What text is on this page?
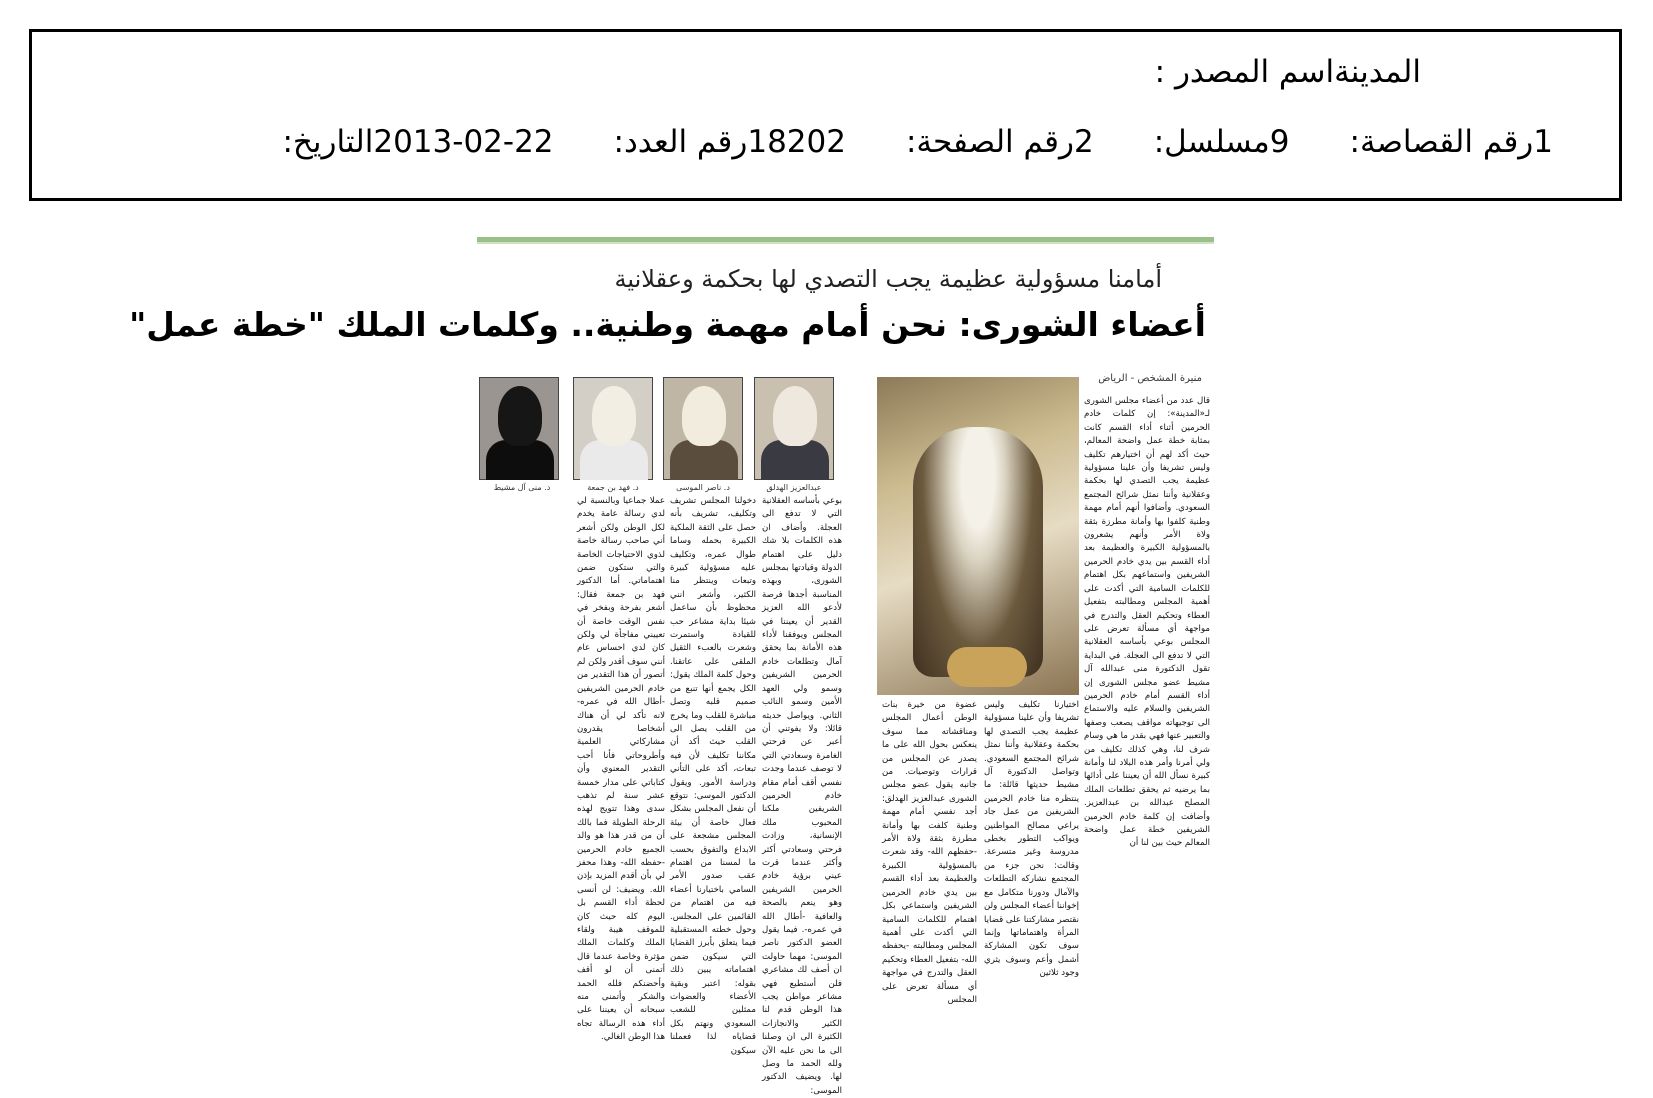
اسم المصدر : المدينة
التاريخ: 2013-02-22 رقم العدد: 18202 رقم الصفحة: 2 مسلسل: 9 رقم القصاصة: 1
أمامنا مسؤولية عظيمة يجب التصدي لها بحكمة وعقلانية
أعضاء الشورى: نحن أمام مهمة وطنية.. وكلمات الملك "خطة عمل"
منيرة المشخص - الرياض
عبدالعزيز الهدلق
د. ناصر الموسى
د. فهد بن جمعة
د. منى آل مشيط
قال عدد من أعضاء مجلس الشورى لـ«المدينة»: إن كلمات خادم الحرمين أثناء أداء القسم كانت بمثابة خطة عمل واضحة المعالم، حيث أكد لهم أن اختيارهم تكليف وليس تشريفا وأن علينا مسؤولية عظيمة يجب التصدي لها بحكمة وعقلانية وأننا نمثل شرائح المجتمع السعودي. وأضافوا أنهم أمام مهمة وطنية كلفوا بها وأمانة مطرزة بثقة ولاة الأمر وأنهم يشعرون بالمسؤولية الكبيرة والعظيمة بعد أداء القسم بين يدي خادم الحرمين الشريفين واستماعهم بكل اهتمام للكلمات السامية التي أكدت على أهمية المجلس ومطالبته بتفعيل العطاء وتحكيم العقل والتدرج في مواجهة أي مسألة تعرض على المجلس بوعي بأساسه العقلانية التي لا تدفع الى العجلة. في البداية تقول الدكتورة منى عبدالله آل مشيط عضو مجلس الشورى إن أداء القسم أمام خادم الحرمين الشريفين والسلام عليه والاستماع الى توجيهاته مواقف يصعب وصفها والتعبير عنها فهي بقدر ما هي وسام شرف لنا، وهي كذلك تكليف من ولي أمرنا وأمر هذه البلاد لنا وأمانة كبيرة نسأل الله أن يعيننا على أدائها بما يرضيه ثم يحقق تطلعات الملك المصلح عبدالله بن عبدالعزيز. وأضافت إن كلمة خادم الحرمين الشريفين خطة عمل واضحة المعالم حيث بين لنا أن
اختيارنا تكليف وليس تشريفا وأن علينا مسؤولية عظيمة يجب التصدي لها بحكمة وعقلانية وأننا نمثل شرائح المجتمع السعودي. وتواصل الدكتورة آل مشيط حديثها قائلة: ما ينتظره منا خادم الحرمين الشريفين من عمل جاد يراعي مصالح المواطنين ويواكب التطور بخطى مدروسة وغير متسرعة. وقالت: نحن جزء من المجتمع نشاركه التطلعات والآمال ودورنا متكامل مع إخواننا أعضاء المجلس ولن نقتصر مشاركتنا على قضايا المرأة واهتماماتها وإنما سوف تكون المشاركة أشمل وأعم وسوف يثري وجود ثلاثين
عضوة من خيرة بنات الوطن أعمال المجلس ومناقشاته مما سوف ينعكس بحول الله على ما يصدر عن المجلس من قرارات وتوصيات. من جانبه يقول عضو مجلس الشورى عبدالعزيز الهدلق: أجد نفسي أمام مهمة وطنية كلفت بها وأمانة مطرزة بثقة ولاة الأمر -حفظهم الله- وقد شعرت بالمسؤولية الكبيرة والعظيمة بعد أداء القسم بين يدي خادم الحرمين الشريفين واستماعي بكل اهتمام للكلمات السامية التي أكدت على أهمية المجلس ومطالبته -يحفظه الله- بتفعيل العطاء وتحكيم العقل والتدرج في مواجهة أي مسألة تعرض على المجلس
بوعي بأساسه العقلانية التي لا تدفع الى العجلة. وأضاف ان هذه الكلمات بلا شك دليل على اهتمام الدولة وقيادتها بمجلس الشورى، وبهذه المناسبة أجدها فرصة لأدعو الله العزيز القدير أن يعيننا في المجلس ويوفقنا لأداء هذه الأمانة بما يحقق آمال وتطلعات خادم الحرمين الشريفين وسمو ولي العهد الأمين وسمو النائب الثاني. ويواصل حديثه قائلا: ولا يفوتني أن أعبر عن فرحتي الغامرة وسعادتي التي لا توصف عندما وجدت نفسي أقف أمام مقام خادم الحرمين الشريفين ملكنا المحبوب ملك الإنسانية، وزادت فرحتي وسعادتي أكثر وأكثر عندما قرت عيني برؤية خادم الحرمين الشريفين وهو ينعم بالصحة والعافية -أطال الله في عمره-. فيما يقول العضو الدكتور ناصر الموسى: مهما حاولت ان أصف لك مشاعري فلن أستطيع فهي مشاعر مواطن يجب هذا الوطن قدم لنا الكثير والانجازات الكثيرة الى ان وصلنا الى ما نحن عليه الآن ولله الحمد ما وصل لها. ويضيف الدكتور الموسى:
دخولنا المجلس تشريف وتكليف، تشريف بأنه حصل على الثقة الملكية الكبيرة بحمله وساما طوال عمره، وتكليف عليه مسؤولية كبيرة وتبعات وينتظر منا الكثير، وأشعر انني محظوظ بأن ساعمل شيئا بداية مشاعر حب للقيادة واستمرت وشعرت بالعبء الثقيل الملقى على عاتقنا. وحول كلمة الملك يقول: الكل يجمع أنها تنبع من صميم قلبه وتصل مباشرة للقلب وما يخرج من القلب يصل الى القلب حيث أكد أن مكاننا تكليف لأن فيه تبعات، أكد على التأني ودراسة الأمور. ويقول الدكتور الموسى: نتوقع أن نفعل المجلس بشكل فعال خاصة أن بيئة المجلس مشجعة على الابداع والتفوق بحسب ما لمسنا من اهتمام عقب صدور الأمر السامي باختيارنا أعضاء فيه من اهتمام من القائمين على المجلس. وحول خطته المستقبلية فيما يتعلق بأبرز القضايا التي سيكون ضمن اهتماماته يبين ذلك بقوله: اعتبر وبقية الأعضاء والعضوات ممثلين للشعب السعودي ونهتم بكل قضاياه لذا فعملنا سيكون
عملا جماعيا وبالنسبة لي لدي رسالة عامة يخدم لكل الوطن ولكن أشعر أني صاحب رسالة خاصة لذوي الاحتياجات الخاصة والتي ستكون ضمن اهتماماتي. أما الدكتور فهد بن جمعة فقال: أشعر بفرحة وبفخر في نفس الوقت خاصة أن تعييني مفاجأة لي ولكن كان لدي احساس عام أنني سوف أقدر ولكن لم أتصور أن هذا التقدير من خادم الحرمين الشريفين -أطال الله في عمره- لانه تأكد لي أن هناك أشخاصا يقدرون مشاركاتي العلمية وأطروحاتي فأنا أحب التقدير المعنوي وأن كتاباتي على مدار خمسة عشر سنة لم تذهب سدى وهذا تتويج لهذه الرحلة الطويلة فما بالك أن من قدر هذا هو والد الجميع خادم الحرمين -حفظه الله- وهذا محفز لي بأن أقدم المزيد بإذن الله. ويضيف: لن أنسى لحظة أداء القسم بل اليوم كله حيث كان للموقف هيبة ولقاء الملك وكلمات الملك مؤثرة وخاصة عندما قال أتمنى أن لو أقف وأحضنكم فلله الحمد والشكر وأتمنى منه سبحانه أن يعيننا على أداء هذه الرسالة تجاه هذا الوطن الغالي.
